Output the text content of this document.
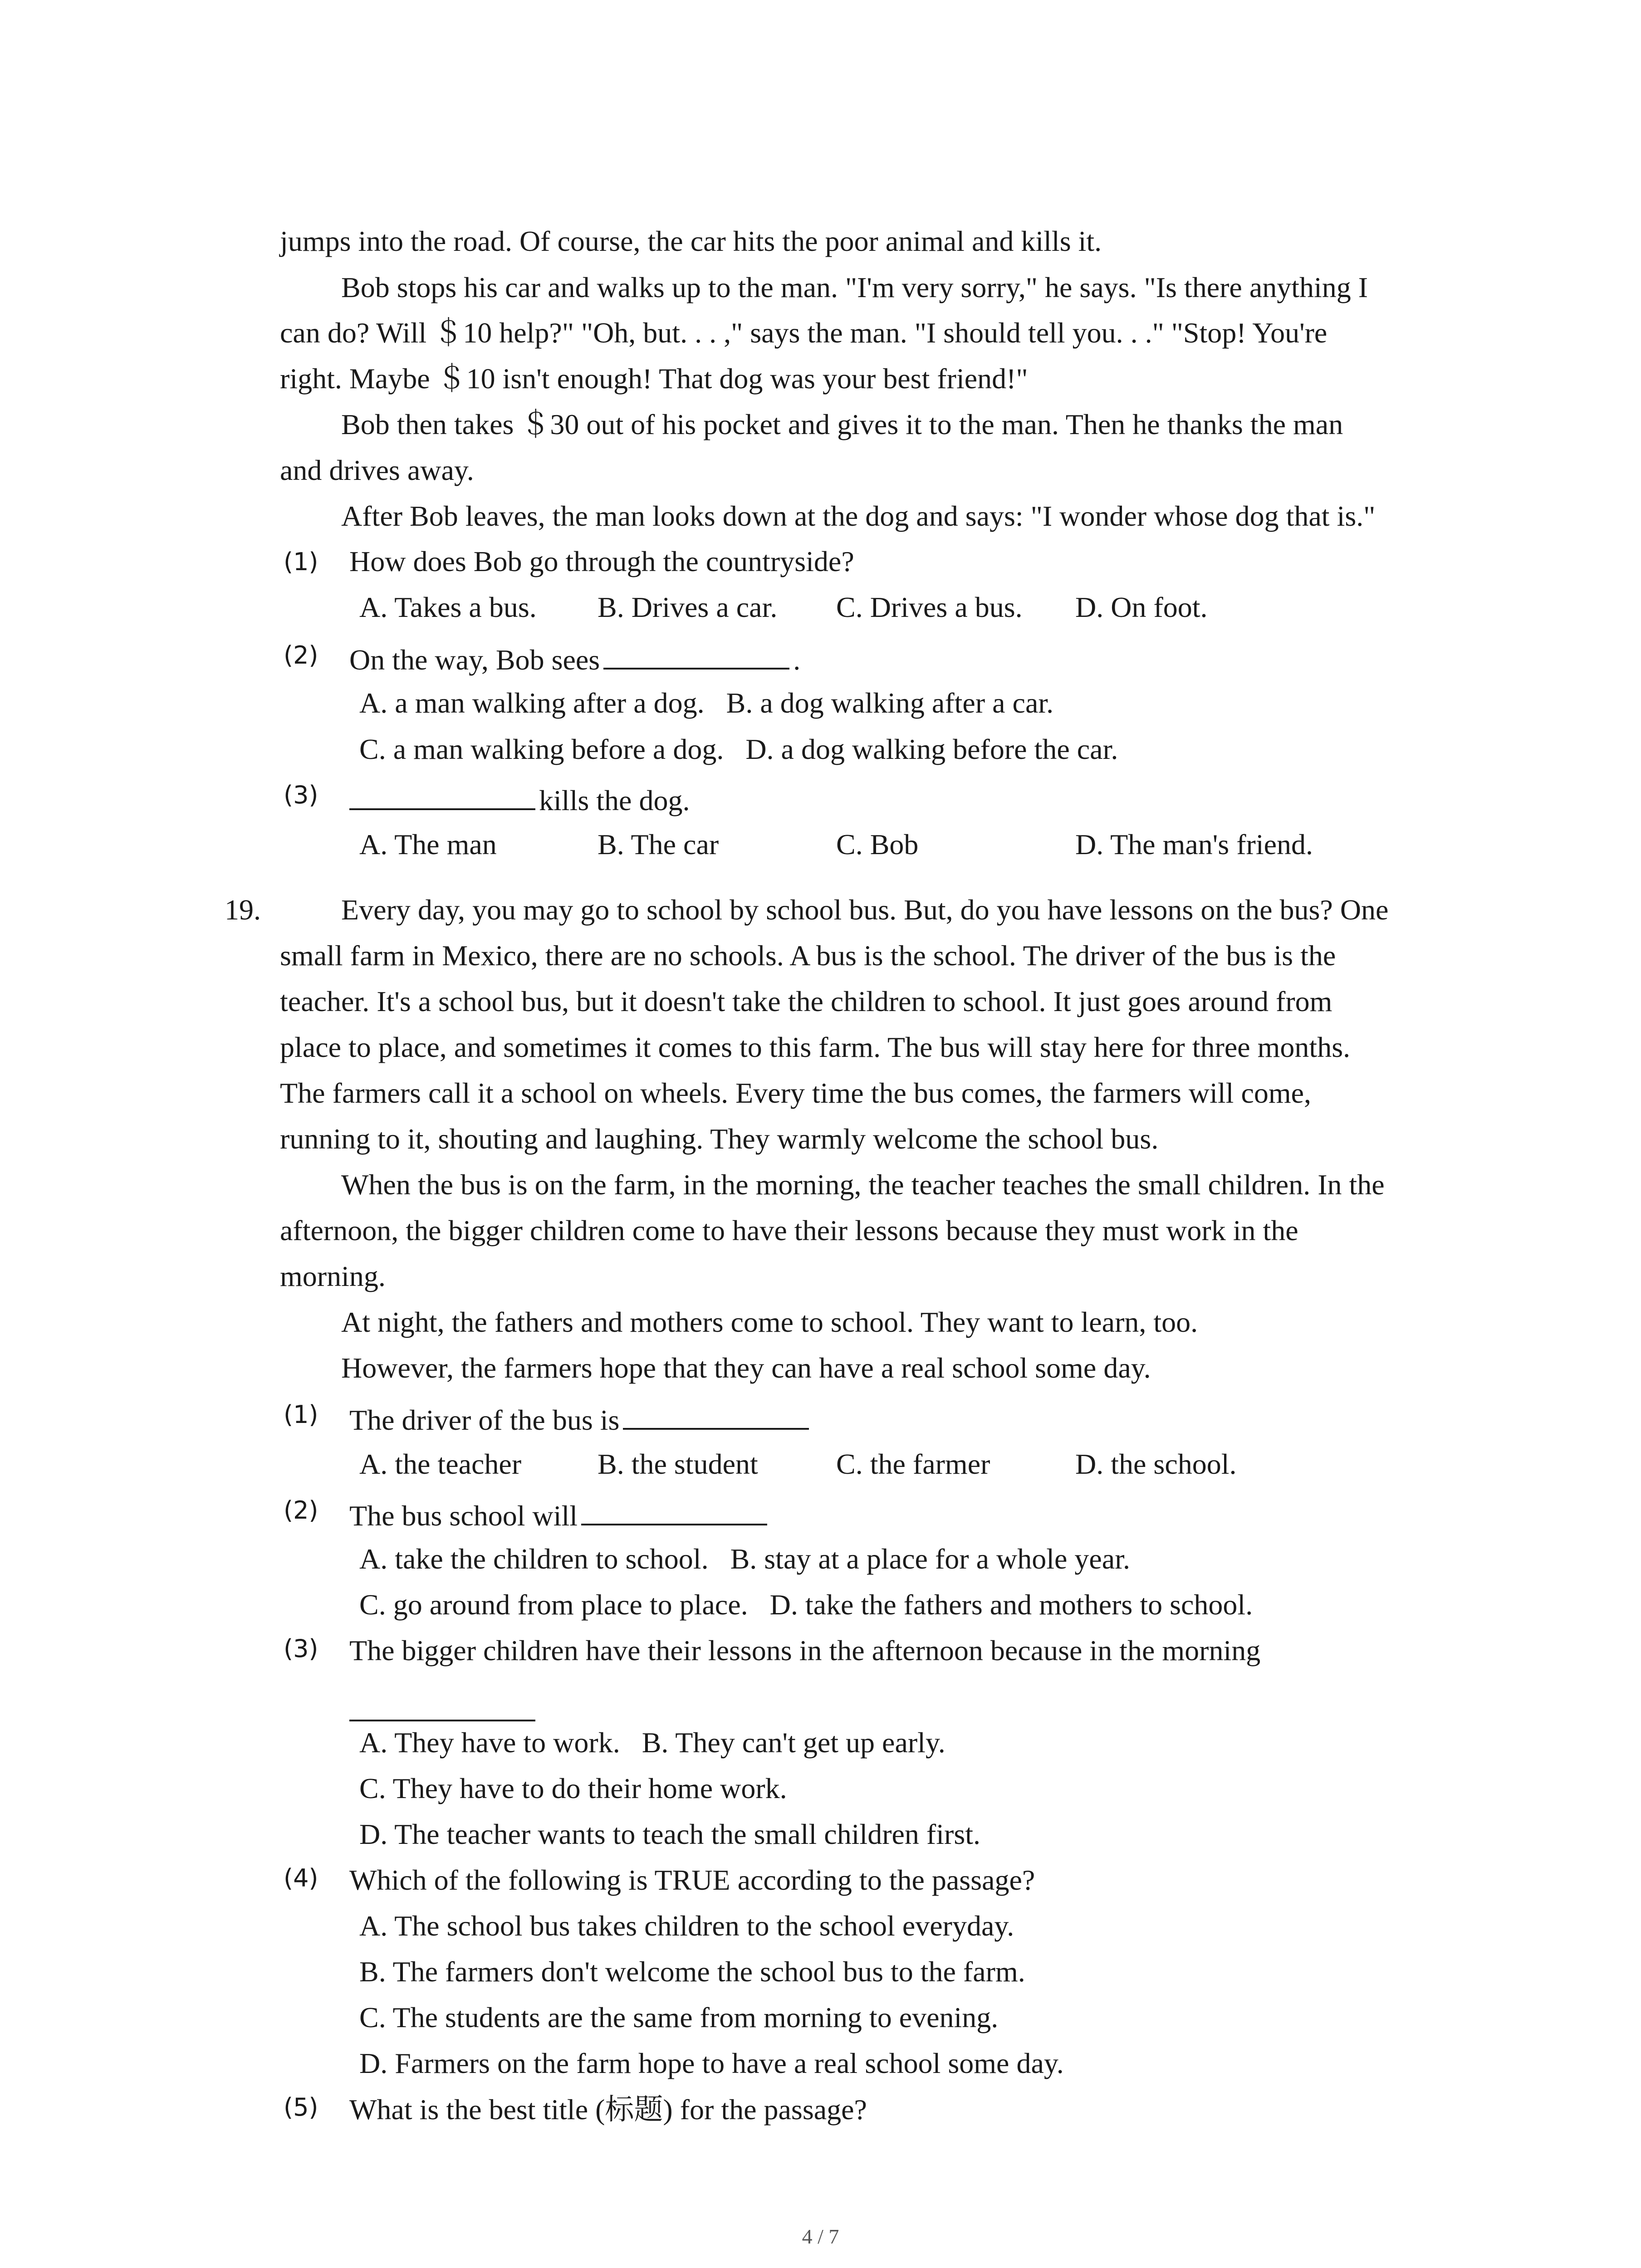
jumps into the road. Of course, the car hits the poor animal and kills it.
Bob stops his car and walks up to the man. "I'm very sorry," he says. "Is there anything I
can do? Will ＄10 help?" "Oh, but. . . ," says the man. "I should tell you. . ." "Stop! You're
right. Maybe ＄10 isn't enough! That dog was your best friend!"
Bob then takes ＄30 out of his pocket and gives it to the man. Then he thanks the man
and drives away.
After Bob leaves, the man looks down at the dog and says: "I wonder whose dog that is."
(1) How does Bob go through the countryside?
A. Takes a bus. B. Drives a car. C. Drives a bus. D. On foot.
(2) On the way, Bob sees	.
A. a man walking after a dog.   B. a dog walking after a car.
C. a man walking before a dog.   D. a dog walking before the car.
(3)	kills the dog.
A. The man	B. The car	C. Bob	D. The man's friend.
19.	Every day, you may go to school by school bus. But, do you have lessons on the bus? One
small farm in Mexico, there are no schools. A bus is the school. The driver of the bus is the
teacher. It's a school bus, but it doesn't take the children to school. It just goes around from
place to place, and sometimes it comes to this farm. The bus will stay here for three months.
The farmers call it a school on wheels. Every time the bus comes, the farmers will come,
running to it, shouting and laughing. They warmly welcome the school bus.
When the bus is on the farm, in the morning, the teacher teaches the small children. In the
afternoon, the bigger children come to have their lessons because they must work in the
morning.
At night, the fathers and mothers come to school. They want to learn, too.
However, the farmers hope that they can have a real school some day.
(1) The driver of the bus is
A. the teacher	B. the student	C. the farmer	D. the school.
(2) The bus school will
A. take the children to school.   B. stay at a place for a whole year.
C. go around from place to place.   D. take the fathers and mothers to school.
(3) The bigger children have their lessons in the afternoon because in the morning
A. They have to work.   B. They can't get up early.
C. They have to do their home work.
D. The teacher wants to teach the small children first.
(4) Which of the following is TRUE according to the passage?
A. The school bus takes children to the school everyday.
B. The farmers don't welcome the school bus to the farm.
C. The students are the same from morning to evening.
D. Farmers on the farm hope to have a real school some day.
(5) What is the best title (标题) for the passage?
4 / 7
